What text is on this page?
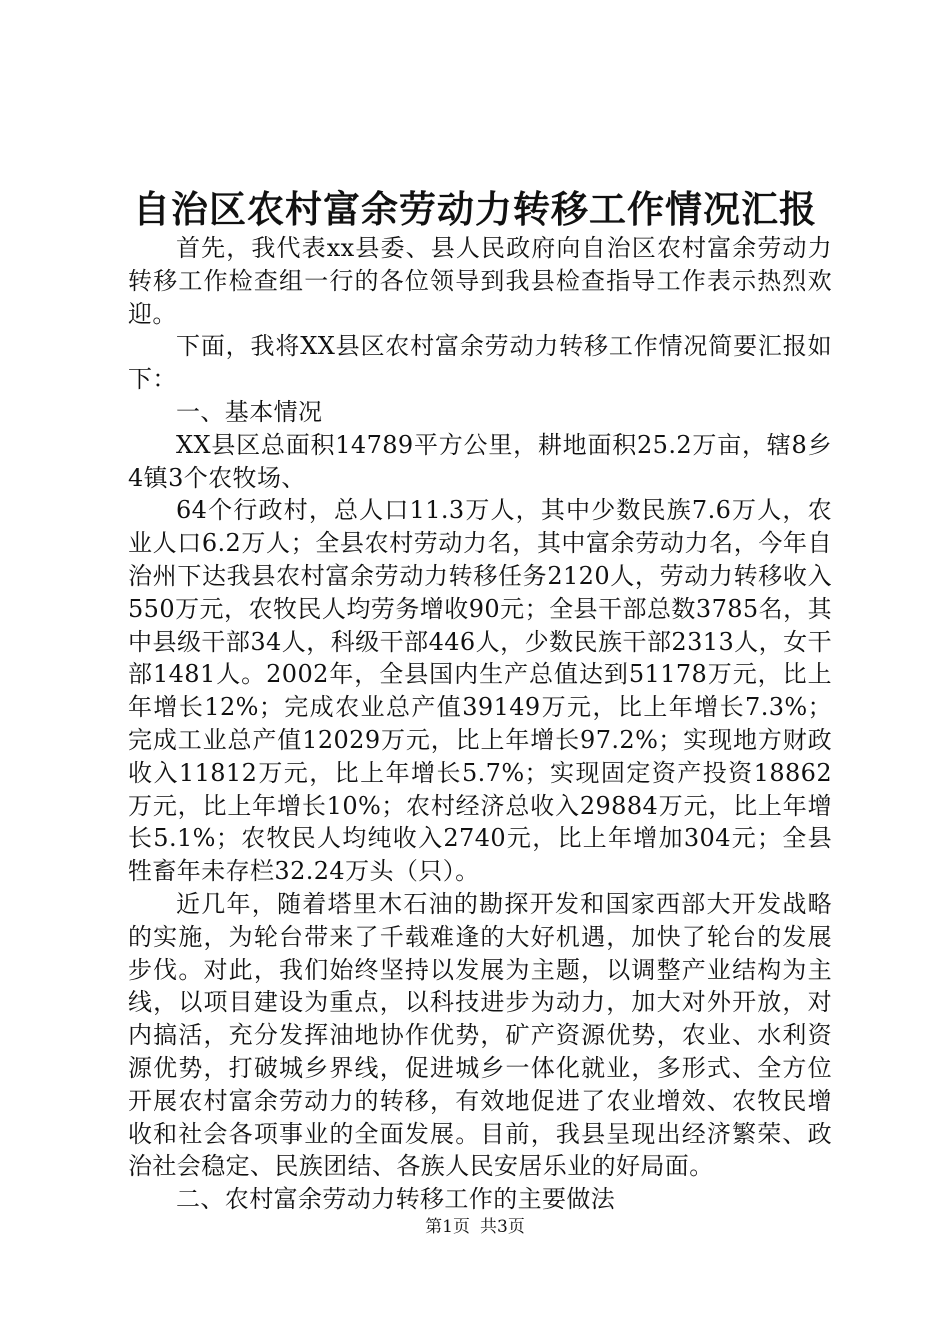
自治区农村富余劳动力转移工作情况汇报

首先，我代表xx县委、县人民政府向自治区农村富余劳动力转移工作检查组一行的各位领导到我县检查指导工作表示热烈欢迎。

下面，我将XX县区农村富余劳动力转移工作情况简要汇报如下：

一、基本情况

XX县区总面积14789平方公里，耕地面积25.2万亩，辖8乡4镇3个农牧场、

64个行政村，总人口11.3万人，其中少数民族7.6万人，农业人口6.2万人；全县农村劳动力名，其中富余劳动力名，今年自治州下达我县农村富余劳动力转移任务2120人，劳动力转移收入550万元，农牧民人均劳务增收90元；全县干部总数3785名，其中县级干部34人，科级干部446人，少数民族干部2313人，女干部1481人。2002年，全县国内生产总值达到51178万元，比上年增长12%；完成农业总产值39149万元，比上年增长7.3%；完成工业总产值12029万元，比上年增长97.2%；实现地方财政收入11812万元，比上年增长5.7%；实现固定资产投资18862万元，比上年增长10%；农村经济总收入29884万元，比上年增长5.1%；农牧民人均纯收入2740元，比上年增加304元；全县牲畜年未存栏32.24万头（只）。

近几年，随着塔里木石油的勘探开发和国家西部大开发战略的实施，为轮台带来了千载难逢的大好机遇，加快了轮台的发展步伐。对此，我们始终坚持以发展为主题，以调整产业结构为主线，以项目建设为重点，以科技进步为动力，加大对外开放，对内搞活，充分发挥油地协作优势，矿产资源优势，农业、水利资源优势，打破城乡界线，促进城乡一体化就业，多形式、全方位开展农村富余劳动力的转移，有效地促进了农业增效、农牧民增收和社会各项事业的全面发展。目前，我县呈现出经济繁荣、政治社会稳定、民族团结、各族人民安居乐业的好局面。

二、农村富余劳动力转移工作的主要做法

第1页 共3页
